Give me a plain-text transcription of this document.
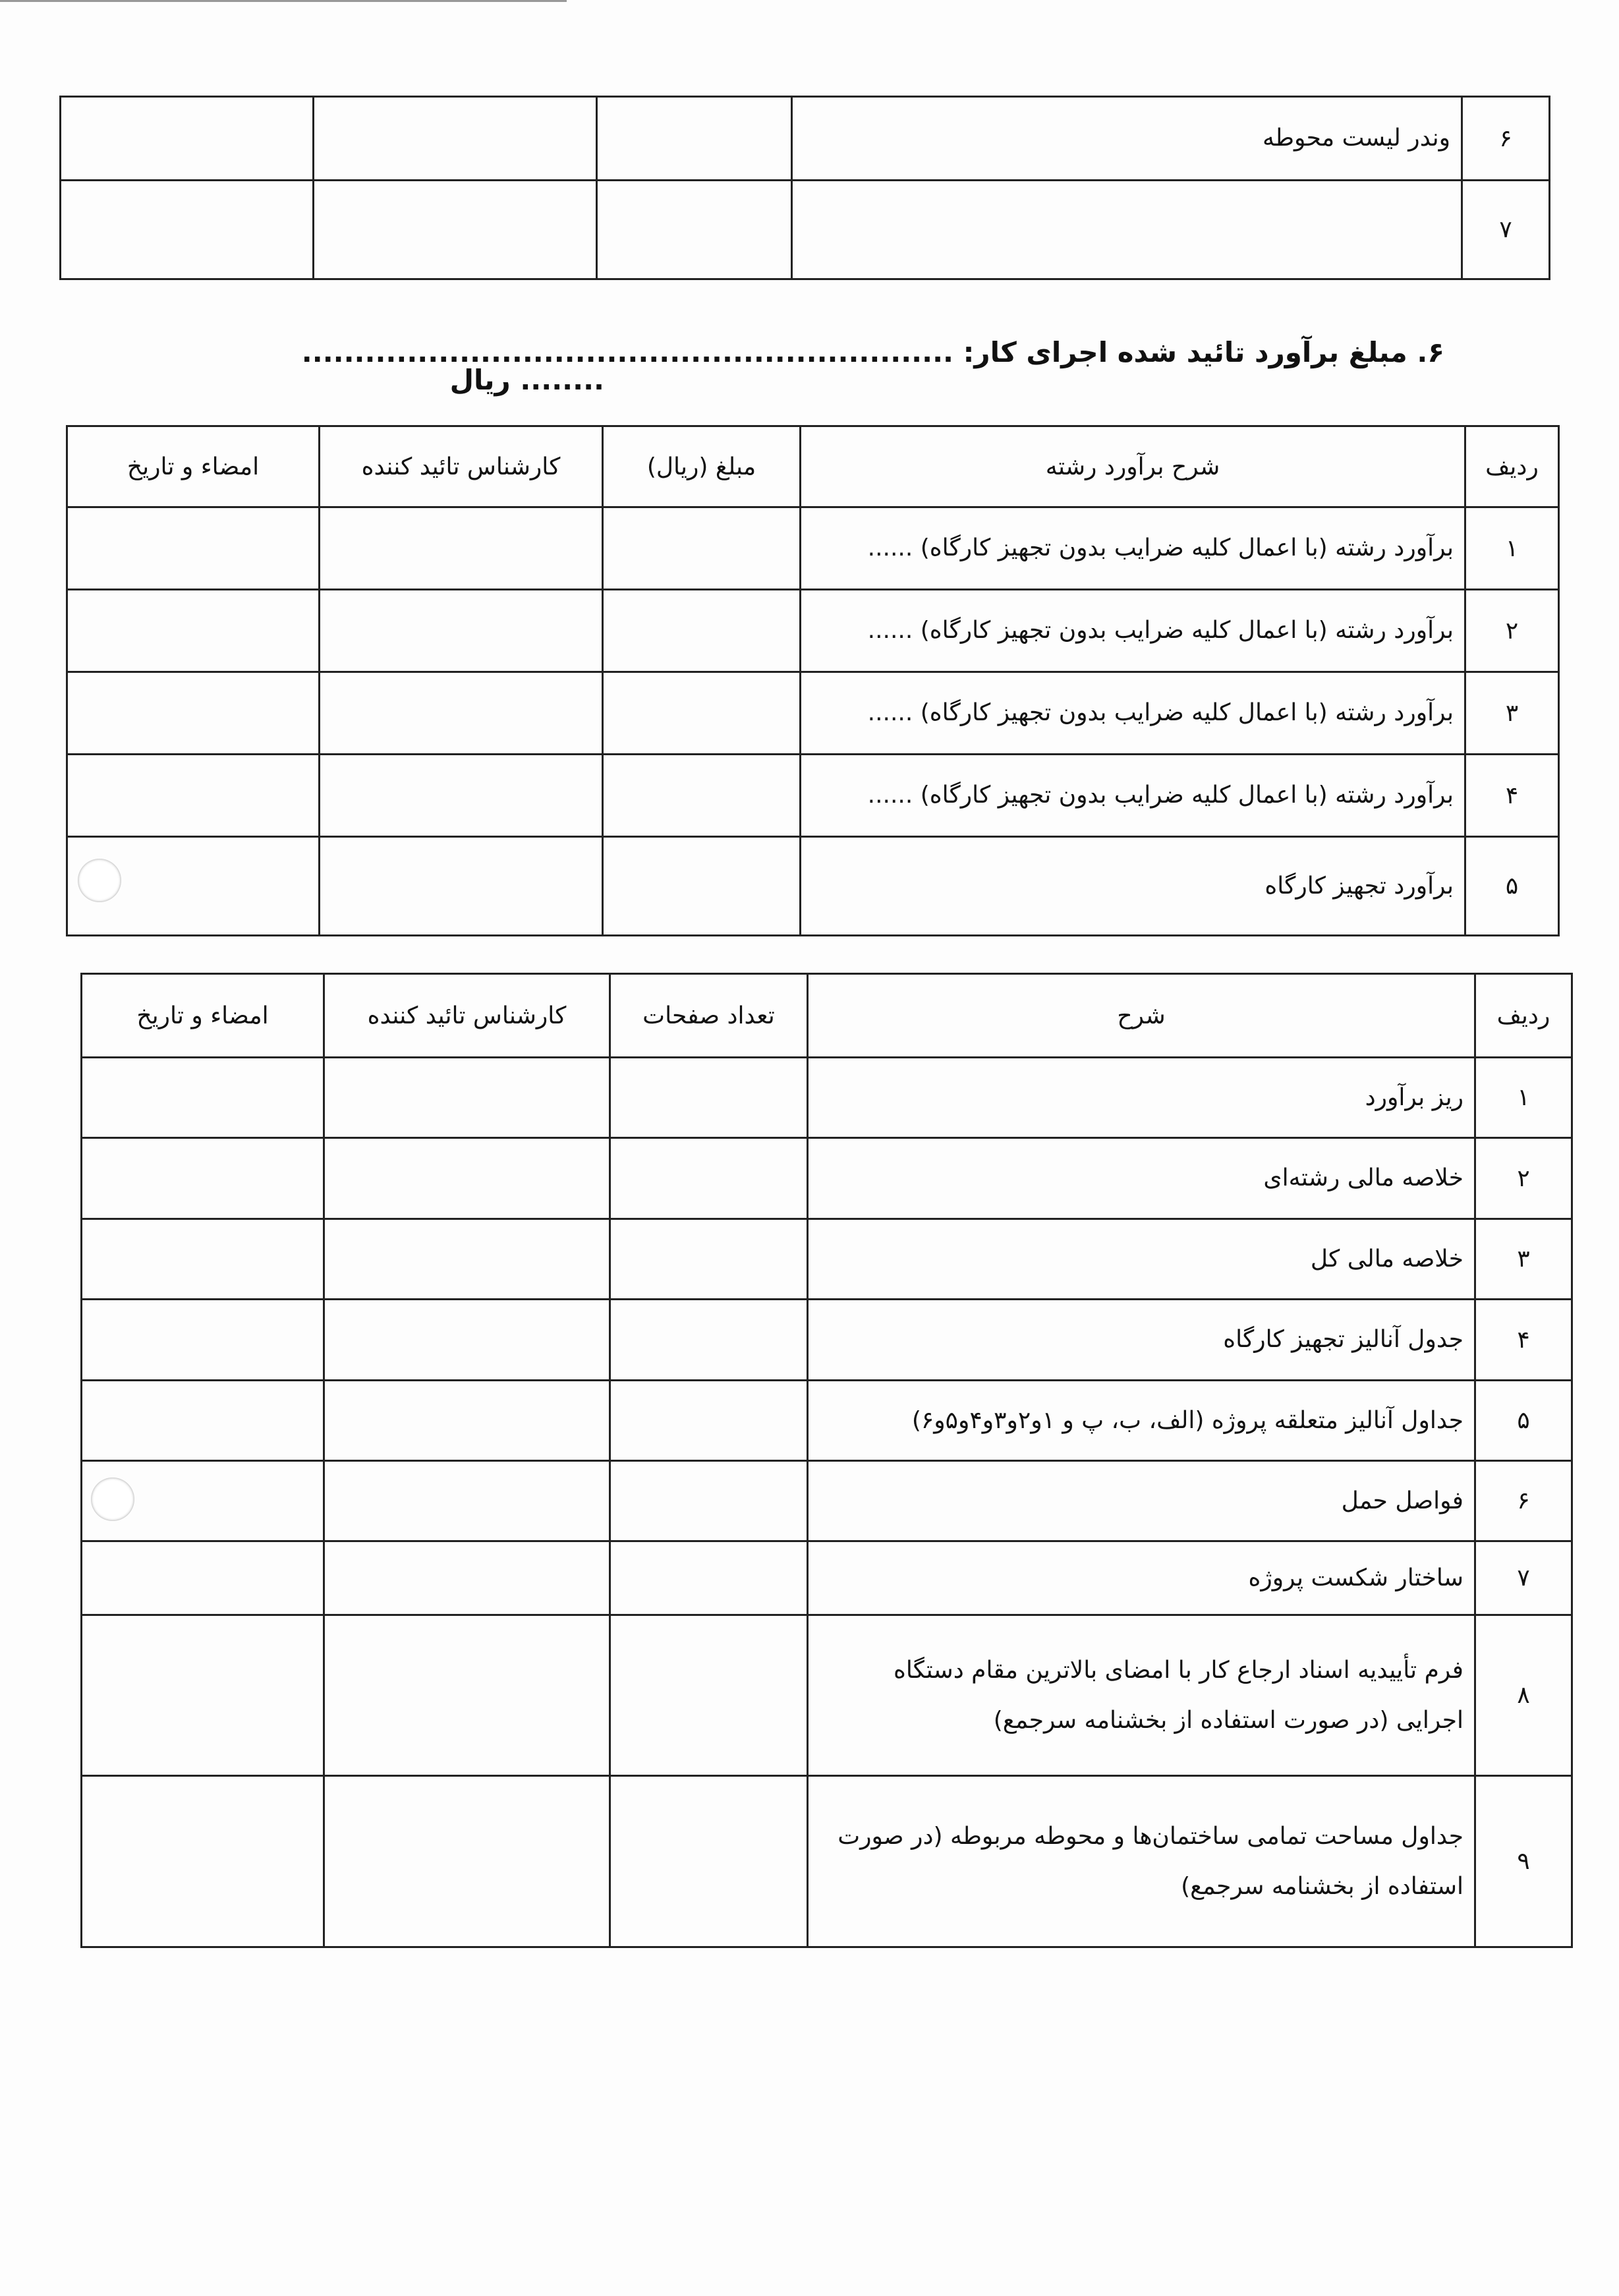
۶	وندر لیست محوطه			
۷				
۶. مبلغ برآورد تائید شده اجرای کار: ..............................................................
........ ریال
ردیف	شرح برآورد رشته	مبلغ (ریال)	کارشناس تائید کننده	امضاء و تاریخ
۱	برآورد رشته (با اعمال کلیه ضرایب بدون تجهیز کارگاه) ......			
۲	برآورد رشته (با اعمال کلیه ضرایب بدون تجهیز کارگاه) ......			
۳	برآورد رشته (با اعمال کلیه ضرایب بدون تجهیز کارگاه) ......			
۴	برآورد رشته (با اعمال کلیه ضرایب بدون تجهیز کارگاه) ......			
۵	برآورد تجهیز کارگاه			
ردیف	شرح	تعداد صفحات	کارشناس تائید کننده	امضاء و تاریخ
۱	ریز برآورد			
۲	خلاصه مالی رشته‌ای			
۳	خلاصه مالی کل			
۴	جدول آنالیز تجهیز کارگاه			
۵	جداول آنالیز متعلقه پروژه (الف، ب، پ و ۱و۲و۳و۴و۵و۶)			
۶	فواصل حمل			
۷	ساختار شکست پروژه			
۸	فرم تأییدیه اسناد ارجاع کار با امضای بالاترین مقام دستگاه اجرایی (در صورت استفاده از بخشنامه سرجمع)			
۹	جداول مساحت تمامی ساختمان‌ها و محوطه مربوطه (در صورت استفاده از بخشنامه سرجمع)			
